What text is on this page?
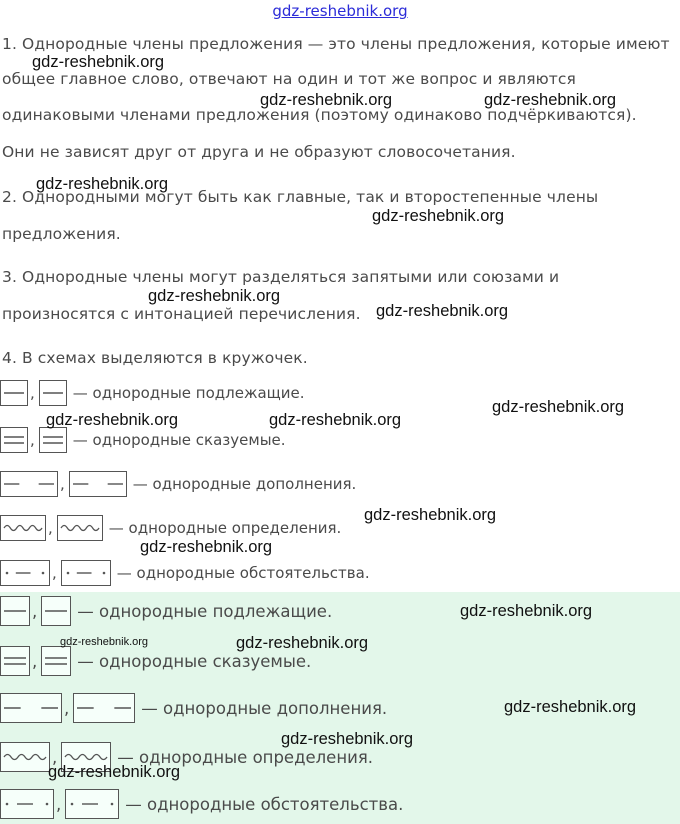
gdz-reshebnik.org
1. Однородные члены предложения — это члены предложения, которые имеют
общее главное слово, отвечают на один и тот же вопрос и являются
одинаковыми членами предложения (поэтому одинаково подчёркиваются).
Они не зависят друг от друга и не образуют словосочетания.
2. Однородными могут быть как главные, так и второстепенные члены
предложения.
3. Однородные члены могут разделяться запятыми или союзами и
произносятся с интонацией перечисления.
4. В схемах выделяются в кружочек.
,	— однородные подлежащие.
,	— однородные сказуемые.
,	— однородные дополнения.
,	— однородные определения.
,	— однородные обстоятельства.
, — однородные подлежащие.
, — однородные сказуемые.
,	— однородные дополнения.
,	— однородные определения.
,	— однородные обстоятельства.
gdz-reshebnik.org
gdz-reshebnik.org	gdz-reshebnik.org
gdz-reshebnik.org
gdz-reshebnik.org
gdz-reshebnik.org
gdz-reshebnik.org
gdz-reshebnik.org
gdz-reshebnik.org	gdz-reshebnik.org
gdz-reshebnik.org
gdz-reshebnik.org
gdz-reshebnik.org
gdz-reshebnik.org	gdz-reshebnik.org
gdz-reshebnik.org
gdz-reshebnik.org
gdz-reshebnik.org
